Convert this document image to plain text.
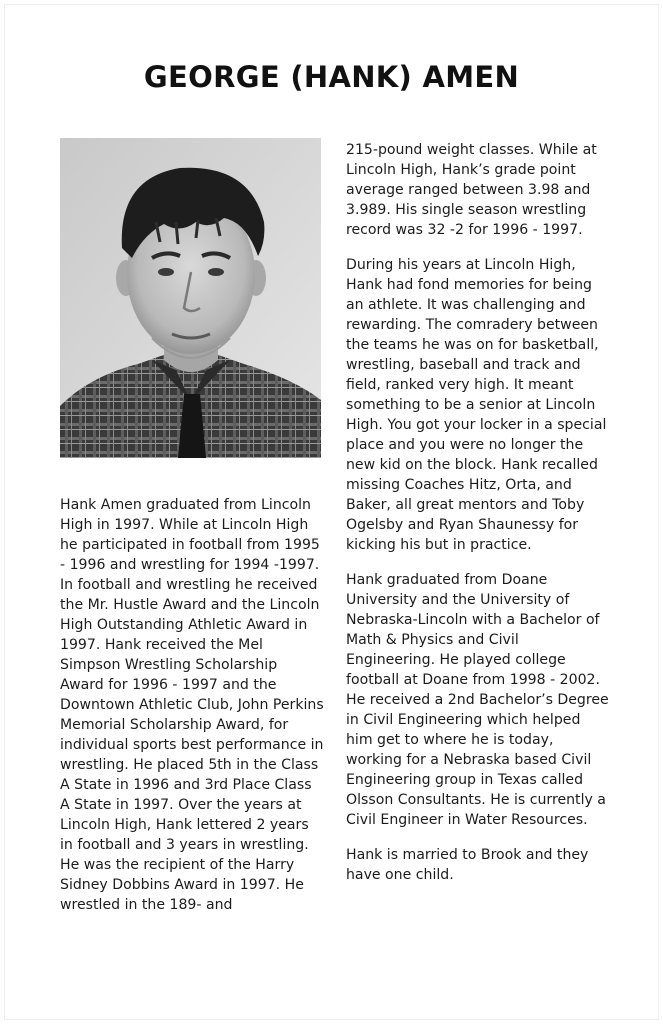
GEORGE (HANK) AMEN

Hank Amen graduated from Lincoln High in 1997. While at Lincoln High he participated in football from 1995 - 1996 and wrestling for 1994 -1997. In football and wrestling he received the Mr. Hustle Award and the Lincoln High Outstanding Athletic Award in 1997. Hank received the Mel Simpson Wrestling Scholarship Award for 1996 - 1997 and the Downtown Athletic Club, John Perkins Memorial Scholarship Award, for individual sports best performance in wrestling. He placed 5th in the Class A State in 1996 and 3rd Place Class A State in 1997. Over the years at Lincoln High, Hank lettered 2 years in football and 3 years in wrestling. He was the recipient of the Harry Sidney Dobbins Award in 1997. He wrestled in the 189- and

215-pound weight classes. While at Lincoln High, Hank’s grade point average ranged between 3.98 and 3.989. His single season wrestling record was 32 -2 for 1996 - 1997.

During his years at Lincoln High, Hank had fond memories for being an athlete. It was challenging and rewarding. The comradery between the teams he was on for basketball, wrestling, baseball and track and field, ranked very high. It meant something to be a senior at Lincoln High. You got your locker in a special place and you were no longer the new kid on the block. Hank recalled missing Coaches Hitz, Orta, and Baker, all great mentors and Toby Ogelsby and Ryan Shaunessy for kicking his but in practice.

Hank graduated from Doane University and the University of Nebraska-Lincoln with a Bachelor of Math & Physics and Civil Engineering. He played college football at Doane from 1998 - 2002. He received a 2nd Bachelor’s Degree in Civil Engineering which helped him get to where he is today, working for a Nebraska based Civil Engineering group in Texas called Olsson Consultants. He is currently a Civil Engineer in Water Resources.

Hank is married to Brook and they have one child.
